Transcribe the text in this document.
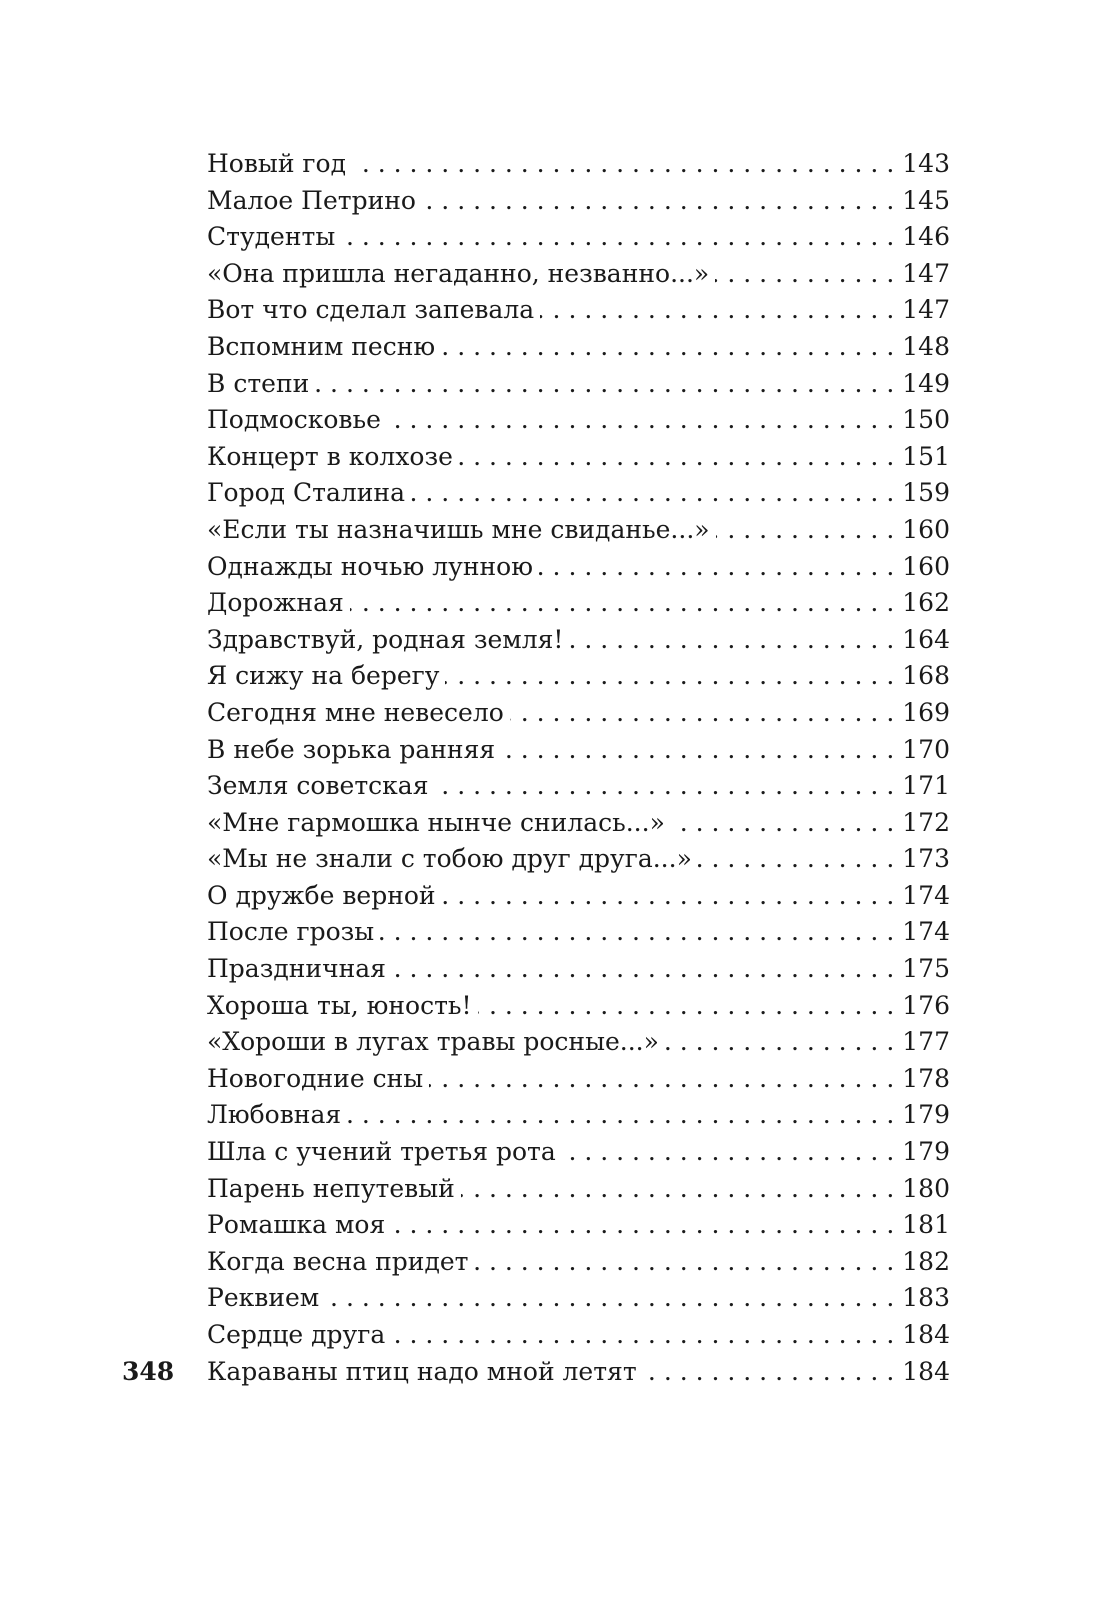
Новый год . . .	143
Малое Петрино . . .	145
Студенты . . .	146
«Она пришла негаданно, незванно...» . . .	147
Вот что сделал запевала . . .	147
Вспомним песню . . .	148
В степи . . .	149
Подмосковье . . .	150
Концерт в колхозе . . .	151
Город Сталина . . .	159
«Если ты назначишь мне свиданье...» . . .	160
Однажды ночью лунною . . .	160
Дорожная . . .	162
Здравствуй, родная земля! . . .	164
Я сижу на берегу . . .	168
Сегодня мне невесело . . .	169
В небе зорька ранняя . . .	170
Земля советская . . .	171
«Мне гармошка нынче снилась...» . . .	172
«Мы не знали с тобою друг друга...» . . .	173
О дружбе верной . . .	174
После грозы . . .	174
Праздничная . . .	175
Хороша ты, юность! . . .	176
«Хороши в лугах травы росные...» . . .	177
Новогодние сны . . .	178
Любовная . . .	179
Шла с учений третья рота . . .	179
Парень непутевый . . .	180
Ромашка моя . . .	181
Когда весна придет . . .	182
Реквием . . .	183
Сердце друга . . .	184
Караваны птиц надо мной летят . . .	184
348
